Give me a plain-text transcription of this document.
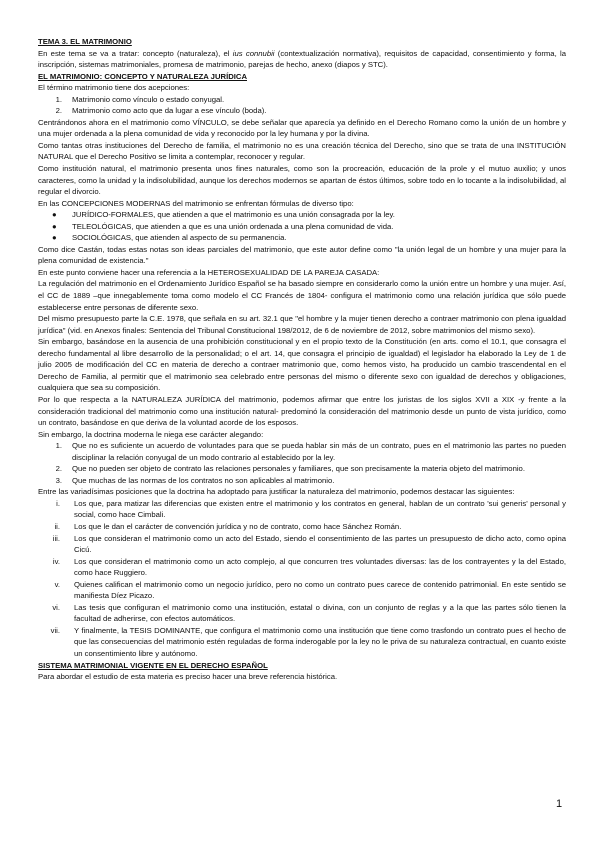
TEMA 3. EL MATRIMONIO

En este tema se va a tratar: concepto (naturaleza), el ius connubii (contextualización normativa), requisitos de capacidad, consentimiento y forma, la inscripción, sistemas matrimoniales, promesa de matrimonio, parejas de hecho, anexo (diapos y STC).

EL MATRIMONIO: CONCEPTO Y NATURALEZA JURÍDICA

El término matrimonio tiene dos acepciones:

1. Matrimonio como vínculo o estado conyugal.
2. Matrimonio como acto que da lugar a ese vínculo (boda).

Centrándonos ahora en el matrimonio como VÍNCULO, se debe señalar que aparecía ya definido en el Derecho Romano como la unión de un hombre y una mujer ordenada a la plena comunidad de vida y reconocido por la ley humana y por la divina.

Como tantas otras instituciones del Derecho de familia, el matrimonio no es una creación técnica del Derecho, sino que se trata de una INSTITUCIÓN NATURAL que el Derecho Positivo se limita a contemplar, reconocer y regular.

Como institución natural, el matrimonio presenta unos fines naturales, como son la procreación, educación de la prole y el mutuo auxilio; y unos caracteres, como la unidad y la indisolubilidad, aunque los derechos modernos se apartan de éstos últimos, sobre todo en lo tocante a la indisolubilidad, al regular el divorcio.

En las CONCEPCIONES MODERNAS del matrimonio se enfrentan fórmulas de diverso tipo:

●	JURÍDICO-FORMALES, que atienden a que el matrimonio es una unión consagrada por la ley.
●	TELEOLÓGICAS, que atienden a que es una unión ordenada a una plena comunidad de vida.
●	SOCIOLÓGICAS, que atienden al aspecto de su permanencia.

Como dice Castán, todas estas notas son ideas parciales del matrimonio, que este autor define como "la unión legal de un hombre y una mujer para la plena comunidad de existencia."

En este punto conviene hacer una referencia a la HETEROSEXUALIDAD DE LA PAREJA CASADA:

La regulación del matrimonio en el Ordenamiento Jurídico Español se ha basado siempre en considerarlo como la unión entre un hombre y una mujer. Así, el CC de 1889 –que innegablemente toma como modelo el CC Francés de 1804- configura el matrimonio como una relación jurídica que sólo puede establecerse entre personas de diferente sexo.

Del mismo presupuesto parte la C.E. 1978, que señala en su art. 32.1 que "el hombre y la mujer tienen derecho a contraer matrimonio con plena igualdad jurídica" (vid. en Anexos finales: Sentencia del Tribunal Constitucional 198/2012, de 6 de noviembre de 2012, sobre matrimonios del mismo sexo).

Sin embargo, basándose en la ausencia de una prohibición constitucional y en el propio texto de la Constitución (en arts. como el 10.1, que consagra el derecho fundamental al libre desarrollo de la personalidad; o el art. 14, que consagra el principio de igualdad) el legislador ha elaborado la Ley de 1 de julio 2005 de modificación del CC en materia de derecho a contraer matrimonio que, como hemos visto, ha producido un cambio trascendental en el Derecho de Familia, al permitir que el matrimonio sea celebrado entre personas del mismo o diferente sexo con igualdad de derechos y obligaciones, cualquiera que sea su composición.

Por lo que respecta a la NATURALEZA JURÍDICA del matrimonio, podemos afirmar que entre los juristas de los siglos XVII a XIX -y frente a la consideración tradicional del matrimonio como una institución natural- predominó la consideración del matrimonio desde un punto de vista jurídico, como un contrato, basándose en que deriva de la voluntad acorde de los esposos.

Sin embargo, la doctrina moderna le niega ese carácter alegando:

1. Que no es suficiente un acuerdo de voluntades para que se pueda hablar sin más de un contrato, pues en el matrimonio las partes no pueden disciplinar la relación conyugal de un modo contrario al establecido por la ley.
2. Que no pueden ser objeto de contrato las relaciones personales y familiares, que son precisamente la materia objeto del matrimonio.
3. Que muchas de las normas de los contratos no son aplicables al matrimonio.

Entre las variadísimas posiciones que la doctrina ha adoptado para justificar la naturaleza del matrimonio, podemos destacar las siguientes:

i. Los que, para matizar las diferencias que existen entre el matrimonio y los contratos en general, hablan de un contrato 'sui generis' personal y social, como hace Cimbali.
ii. Los que le dan el carácter de convención jurídica y no de contrato, como hace Sánchez Román.
iii. Los que consideran el matrimonio como un acto del Estado, siendo el consentimiento de las partes un presupuesto de dicho acto, como opina Cicú.
iv. Los que consideran el matrimonio como un acto complejo, al que concurren tres voluntades diversas: las de los contrayentes y la del Estado, como hace Ruggiero.
v. Quienes califican el matrimonio como un negocio jurídico, pero no como un contrato pues carece de contenido patrimonial. En este sentido se manifiesta Díez Picazo.
vi. Las tesis que configuran el matrimonio como una institución, estatal o divina, con un conjunto de reglas y a la que las partes sólo tienen la facultad de adherirse, con efectos automáticos.
vii. Y finalmente, la TESIS DOMINANTE, que configura el matrimonio como una institución que tiene como trasfondo un contrato pues el hecho de que las consecuencias del matrimonio estén reguladas de forma inderogable por la ley no le priva de su naturaleza contractual, en cuanto existe un consentimiento libre y autónomo.

SISTEMA MATRIMONIAL VIGENTE EN EL DERECHO ESPAÑOL

Para abordar el estudio de esta materia es preciso hacer una breve referencia histórica.

1
